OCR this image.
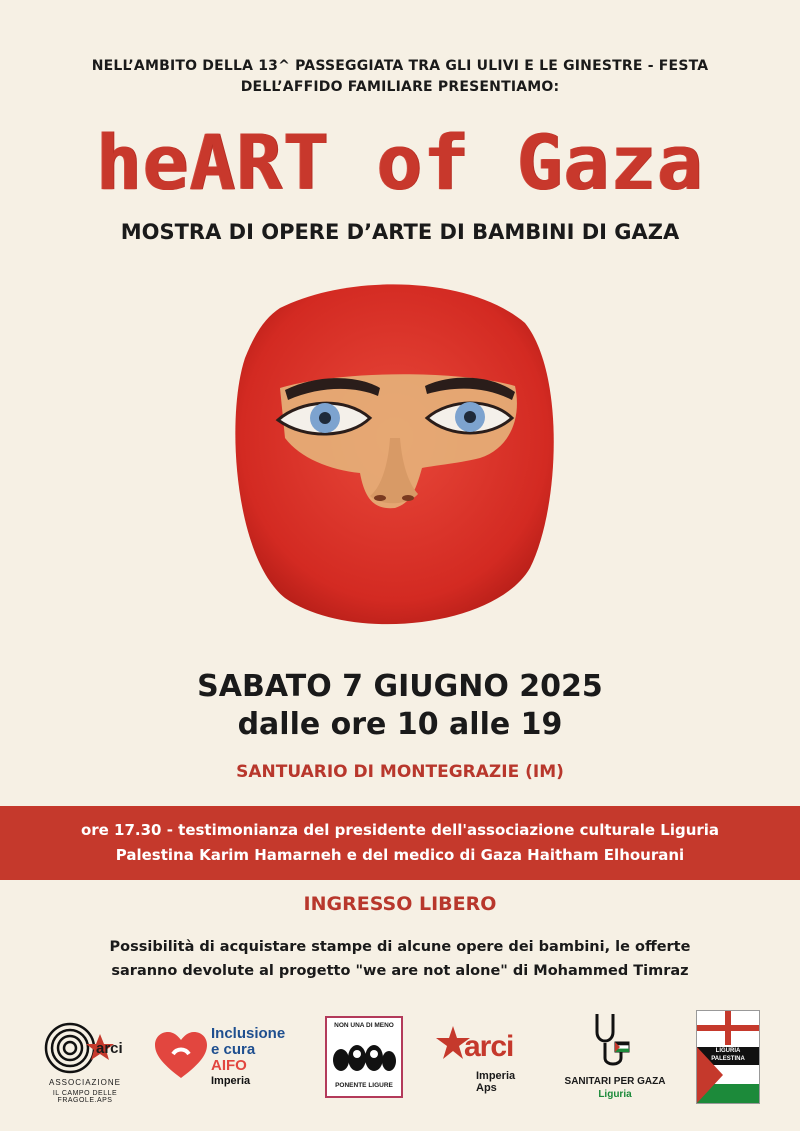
NELL’AMBITO DELLA 13^ PASSEGGIATA TRA GLI ULIVI E LE GINESTRE - FESTA
DELL’AFFIDO FAMILIARE PRESENTIAMO:
heART of Gaza
MOSTRA DI OPERE D’ARTE DI BAMBINI DI GAZA
SABATO 7 GIUGNO 2025
dalle ore 10 alle 19
SANTUARIO DI MONTEGRAZIE (IM)
ore 17.30 - testimonianza del presidente dell'associazione culturale Liguria
Palestina Karim Hamarneh e del medico di Gaza Haitham Elhourani
INGRESSO LIBERO
Possibilità di acquistare stampe di alcune opere dei bambini, le offerte
saranno devolute al progetto "we are not alone" di Mohammed Timraz
arci
ASSOCIAZIONE
IL CAMPO DELLE FRAGOLE.APS
Inclusione
e cura
AIFO
Imperia
NON UNA DI MENO
PONENTE LIGURE
arci
Imperia Aps
SANITARI PER GAZA
Liguria
LIGURIA
PALESTINA
